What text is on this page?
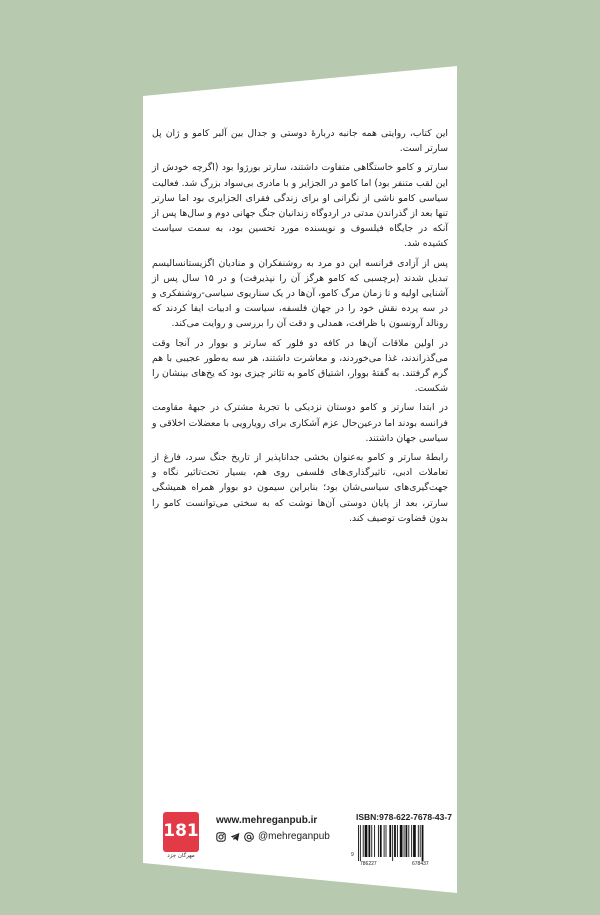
این کتاب، روایتی همه جانبه دربارهٔ دوستی و جدال بین آلبر کامو و ژان پل سارتر است.

سارتر و کامو خاستگاهی متفاوت داشتند، سارتر بورژوا بود (اگرچه خودش از این لقب متنفر بود) اما کامو در الجزایر و با مادری بی‌سواد بزرگ شد. فعالیت سیاسی کامو ناشی از نگرانی او برای زندگی فقرای الجزایری بود اما سارتر تنها بعد از گذراندن مدتی در اردوگاه زندانیان جنگ جهانی دوم و سال‌ها پس از آنکه در جایگاه فیلسوف و نویسنده مورد تحسین بود، به سمت سیاست کشیده شد.

پس از آزادی فرانسه این دو مرد به روشنفکران و منادیان اگزیستانسالیسم تبدیل شدند (برچسبی که کامو هرگز آن را نپذیرفت) و در ۱۵ سال پس از آشنایی اولیه و تا زمان مرگ کامو، آن‌ها در یک سناریوی سیاسی-روشنفکری و در سه پرده نقش خود را در جهان فلسفه، سیاست و ادبیات ایفا کردند که رونالد آرونسون با ظرافت، همدلی و دقت آن را بررسی و روایت می‌کند.

در اولین ملاقات آن‌ها در کافه دو فلور که سارتر و بووار در آنجا وقت می‌گذراندند، غذا می‌خوردند، و معاشرت داشتند، هر سه به‌طور عجیبی با هم گرم گرفتند. به گفتهٔ بووار، اشتیاق کامو به تئاتر چیزی بود که یخ‌های بینشان را شکست.

در ابتدا سارتر و کامو دوستان نزدیکی با تجربهٔ مشترک در جبههٔ مقاومت فرانسه بودند اما درعین‌حال عزم آشکاری برای رویارویی با معضلات اخلاقی و سیاسی جهان داشتند.

رابطهٔ سارتر و کامو به‌عنوان بخشی جدانا‌پذیر از تاریخ جنگ سرد، فارغ از تعاملات ادبی، تاثیرگذاری‌های فلسفی روی هم، بسیار تحت‌تاثیر نگاه و جهت‌گیری‌های سیاسی‌شان بود؛ بنابراین سیمون دو بووار همراه همیشگی سارتر، بعد از پایان دوستی آن‌ها نوشت که به سختی می‌توانست کامو را بدون قضاوت توصیف کند.

181
مهرگان خِرَد
www.mehreganpub.ir
@mehreganpub
ISBN:978-622-7678-43-7
9
786227	678437
